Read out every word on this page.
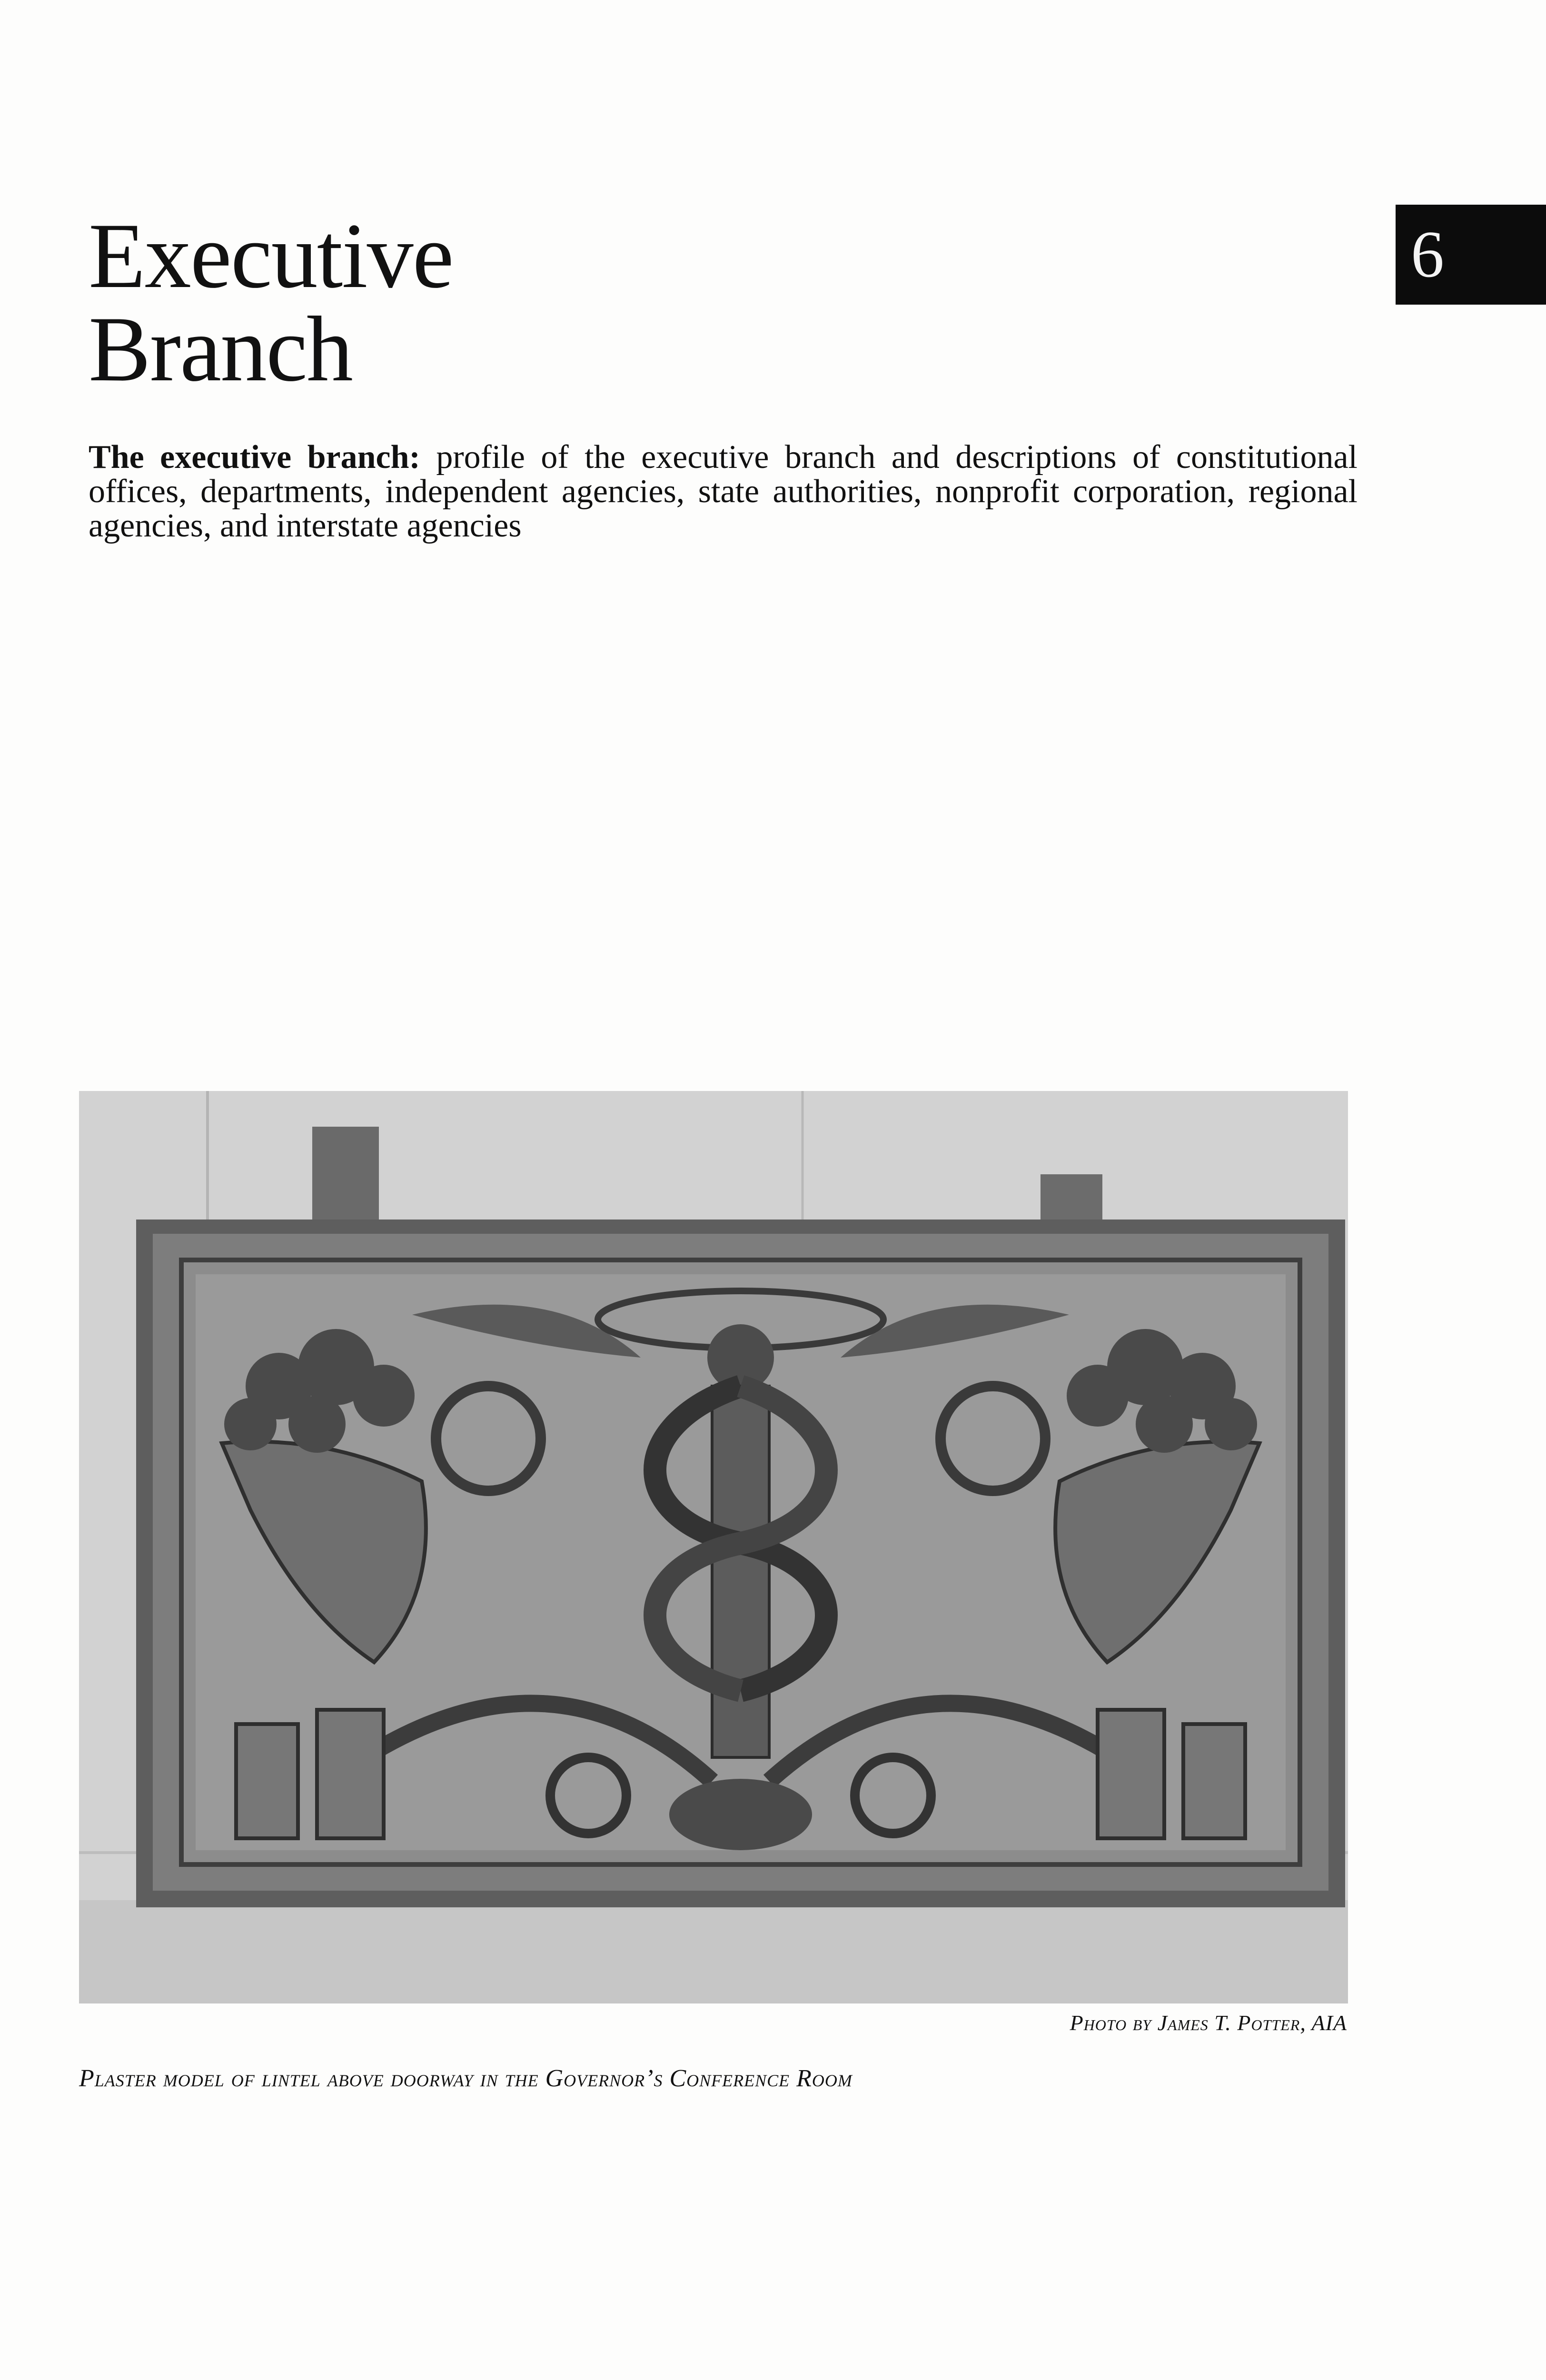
Executive
Branch
6

The executive branch: profile of the executive branch and descriptions of constitutional offices, departments, independent agencies, state authorities, nonprofit corporation, regional agencies, and interstate agencies

Photo by James T. Potter, AIA
Plaster model of lintel above doorway in the Governor’s Conference Room
